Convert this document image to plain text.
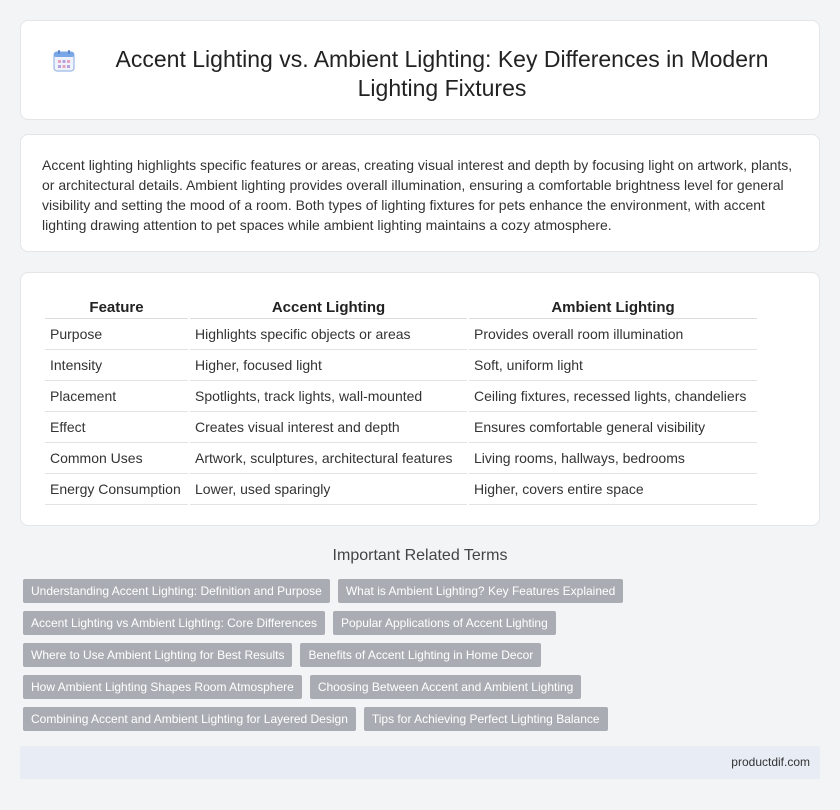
Accent Lighting vs. Ambient Lighting: Key Differences in Modern Lighting Fixtures

Accent lighting highlights specific features or areas, creating visual interest and depth by focusing light on artwork, plants, or architectural details. Ambient lighting provides overall illumination, ensuring a comfortable brightness level for general visibility and setting the mood of a room. Both types of lighting fixtures for pets enhance the environment, with accent lighting drawing attention to pet spaces while ambient lighting maintains a cozy atmosphere.

Feature	Accent Lighting	Ambient Lighting
Purpose	Highlights specific objects or areas	Provides overall room illumination
Intensity	Higher, focused light	Soft, uniform light
Placement	Spotlights, track lights, wall-mounted	Ceiling fixtures, recessed lights, chandeliers
Effect	Creates visual interest and depth	Ensures comfortable general visibility
Common Uses	Artwork, sculptures, architectural features	Living rooms, hallways, bedrooms
Energy Consumption	Lower, used sparingly	Higher, covers entire space
Important Related Terms
Understanding Accent Lighting: Definition and Purpose	What is Ambient Lighting? Key Features Explained
Accent Lighting vs Ambient Lighting: Core Differences	Popular Applications of Accent Lighting
Where to Use Ambient Lighting for Best Results	Benefits of Accent Lighting in Home Decor
How Ambient Lighting Shapes Room Atmosphere	Choosing Between Accent and Ambient Lighting
Combining Accent and Ambient Lighting for Layered Design	Tips for Achieving Perfect Lighting Balance
productdif.com
